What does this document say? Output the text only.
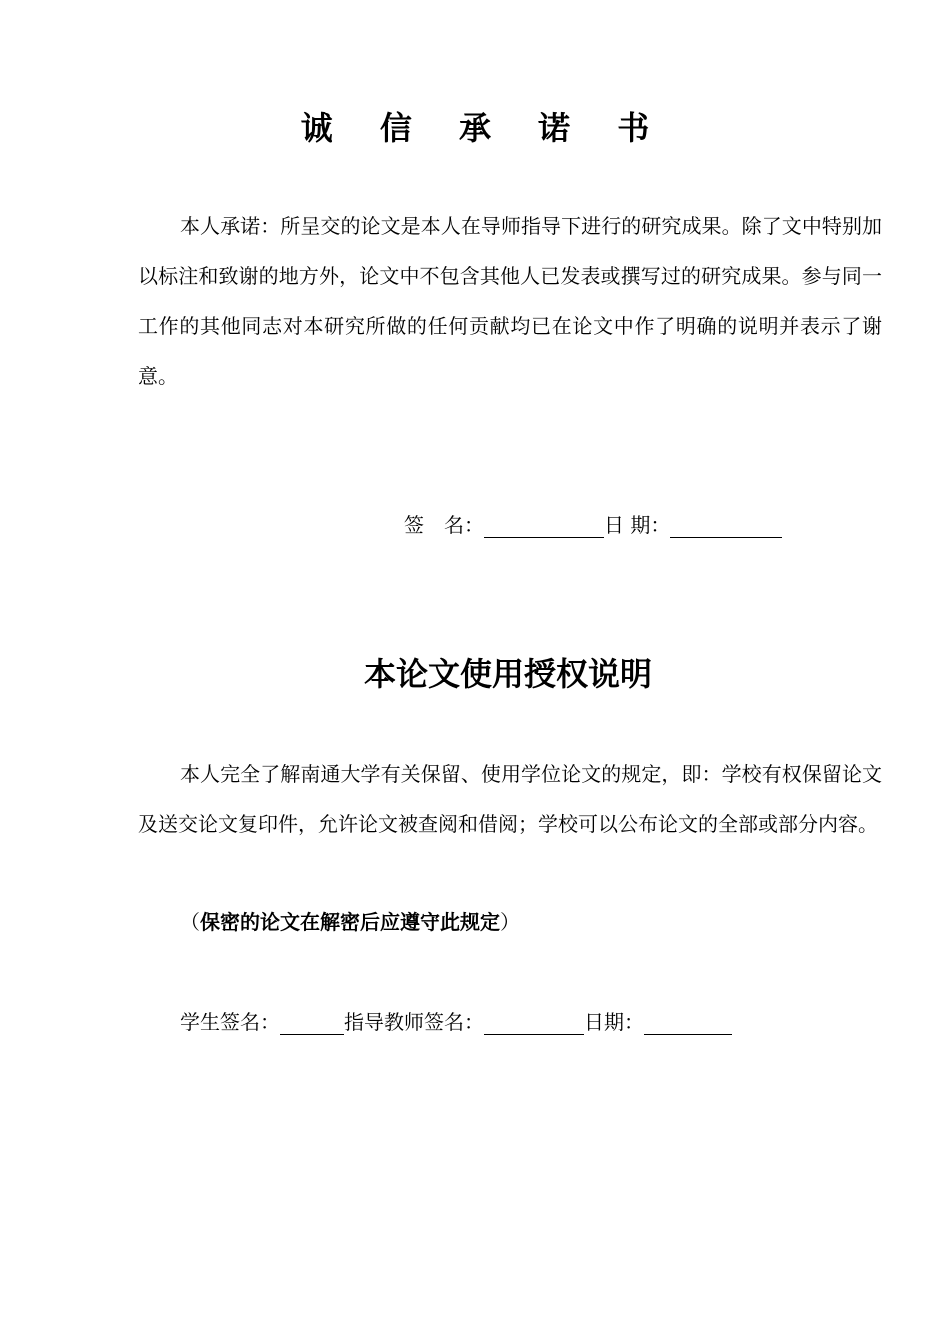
诚 信 承 诺 书

本人承诺：所呈交的论文是本人在导师指导下进行的研究成果。除了文中特别加以标注和致谢的地方外，论文中不包含其他人已发表或撰写过的研究成果。参与同一工作的其他同志对本研究所做的任何贡献均已在论文中作了明确的说明并表示了谢意。

签　名：	日 期：
本论文使用授权说明

本人完全了解南通大学有关保留、使用学位论文的规定，即：学校有权保留论文及送交论文复印件，允许论文被查阅和借阅；学校可以公布论文的全部或部分内容。

（保密的论文在解密后应遵守此规定）
学生签名：	指导教师签名：	日期：
